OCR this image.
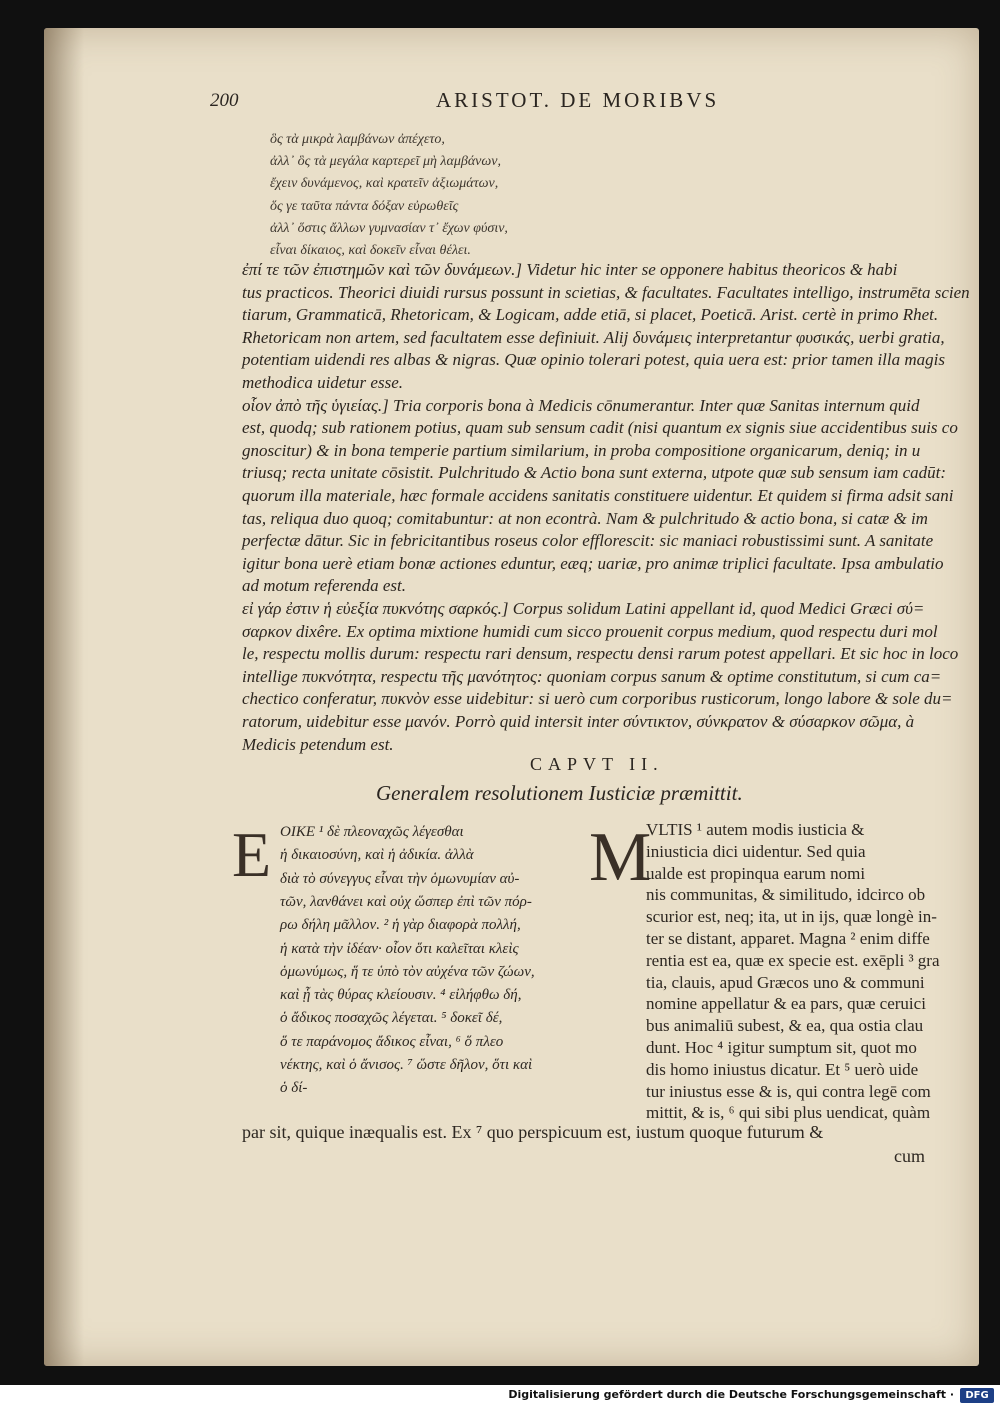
200	ARISTOT. DE MORIBVS
ὃς τὰ μικρὰ λαμβάνων ἀπέχετο,
ἀλλ᾽ ὃς τὰ μεγάλα καρτερεῖ μὴ λαμβάνων,
ἔχειν δυνάμενος, καὶ κρατεῖν ἀξιωμάτων,
ὅς γε ταῦτα πάντα δόξαν εὐρωθεῖς
ἀλλ᾽ ὅστις ἄλλων γυμνασίαν τ᾽ ἔχων φύσιν,
εἶναι δίκαιος, καὶ δοκεῖν εἶναι θέλει.
ἐπί τε τῶν ἐπιστημῶν καὶ τῶν δυνάμεων.] Videtur hic inter se opponere habitus theoricos & habi
tus practicos. Theorici diuidi rursus possunt in scietias, & facultates. Facultates intelligo, instrumēta scien
tiarum, Grammaticā, Rhetoricam, & Logicam, adde etiā, si placet, Poeticā. Arist. certè in primo Rhet.
Rhetoricam non artem, sed facultatem esse definiuit. Alij δυνάμεις interpretantur φυσικάς, uerbi gratia,
potentiam uidendi res albas & nigras. Quæ opinio tolerari potest, quia uera est: prior tamen illa magis
methodica uidetur esse.
οἷον ἀπὸ τῆς ὑγιείας.] Tria corporis bona à Medicis cōnumerantur. Inter quæ Sanitas internum quid
est, quodq; sub rationem potius, quam sub sensum cadit (nisi quantum ex signis siue accidentibus suis co
gnoscitur) & in bona temperie partium similarium, in proba compositione organicarum, deniq; in u
triusq; recta unitate cōsistit. Pulchritudo & Actio bona sunt externa, utpote quæ sub sensum iam cadūt:
quorum illa materiale, hæc formale accidens sanitatis constituere uidentur. Et quidem si firma adsit sani
tas, reliqua duo quoq; comitabuntur: at non econtrà. Nam & pulchritudo & actio bona, si catæ & im
perfectæ dātur. Sic in febricitantibus roseus color efflorescit: sic maniaci robustissimi sunt. A sanitate
igitur bona uerè etiam bonæ actiones eduntur, eæq; uariæ, pro animæ triplici facultate. Ipsa ambulatio
ad motum referenda est.
εἰ γάρ ἐστιν ἡ εὐεξία πυκνότης σαρκός.] Corpus solidum Latini appellant id, quod Medici Græci σύ=
σαρκον dixêre. Ex optima mixtione humidi cum sicco prouenit corpus medium, quod respectu duri mol
le, respectu mollis durum: respectu rari densum, respectu densi rarum potest appellari. Et sic hoc in loco
intellige πυκνότητα, respectu τῆς μανότητος: quoniam corpus sanum & optime constitutum, si cum ca=
chectico conferatur, πυκνὸν esse uidebitur: si uerò cum corporibus rusticorum, longo labore & sole du=
ratorum, uidebitur esse μανόν. Porrò quid intersit inter σύντικτον, σύνκρατον & σύσαρκον σῶμα, à
Medicis petendum est.
CAPVT II.
Generalem resolutionem Iusticiæ præmittit.
E OIKE ¹ δὲ πλεοναχῶς λέγεσθαι
ἡ δικαιοσύνη, καὶ ἡ ἀδικία. ἀλλὰ
διὰ τὸ σύνεγγυς εἶναι τὴν ὁμωνυμίαν αὐ-
τῶν, λανθάνει καὶ οὐχ ὥσπερ ἐπὶ τῶν πόρ-
ρω δήλη μᾶλλον. ² ἡ γὰρ διαφορὰ πολλή,
ἡ κατὰ τὴν ἰδέαν· οἷον ὅτι καλεῖται κλεὶς
ὁμωνύμως, ἥ τε ὑπὸ τὸν αὐχένα τῶν ζώων,
καὶ ᾗ τὰς θύρας κλείουσιν. ⁴ εἰλήφθω δή,
ὁ ἄδικος ποσαχῶς λέγεται. ⁵ δοκεῖ δέ,
ὅ τε παράνομος ἄδικος εἶναι, ⁶ ὅ πλεο
νέκτης, καὶ ὁ ἄνισος. ⁷ ὥστε δῆλον, ὅτι καὶ
ὁ δί-
M
VLTIS ¹ autem modis iusticia &
iniusticia dici uidentur. Sed quia
ualde est propinqua earum nomi
nis communitas, & similitudo, idcirco ob
scurior est, neq; ita, ut in ijs, quæ longè in-
ter se distant, apparet. Magna ² enim diffe
rentia est ea, quæ ex specie est. exēpli ³ gra
tia, clauis, apud Græcos uno & communi
nomine appellatur & ea pars, quæ ceruici
bus animaliū subest, & ea, qua ostia clau
dunt. Hoc ⁴ igitur sumptum sit, quot mo
dis homo iniustus dicatur. Et ⁵ uerò uide
tur iniustus esse & is, qui contra legē com
mittit, & is, ⁶ qui sibi plus uendicat, quàm
par sit, quique inæqualis est. Ex ⁷ quo perspicuum est, iustum quoque futurum &
cum
Digitalisierung gefördert durch die Deutsche Forschungsgemeinschaft ·	DFG
